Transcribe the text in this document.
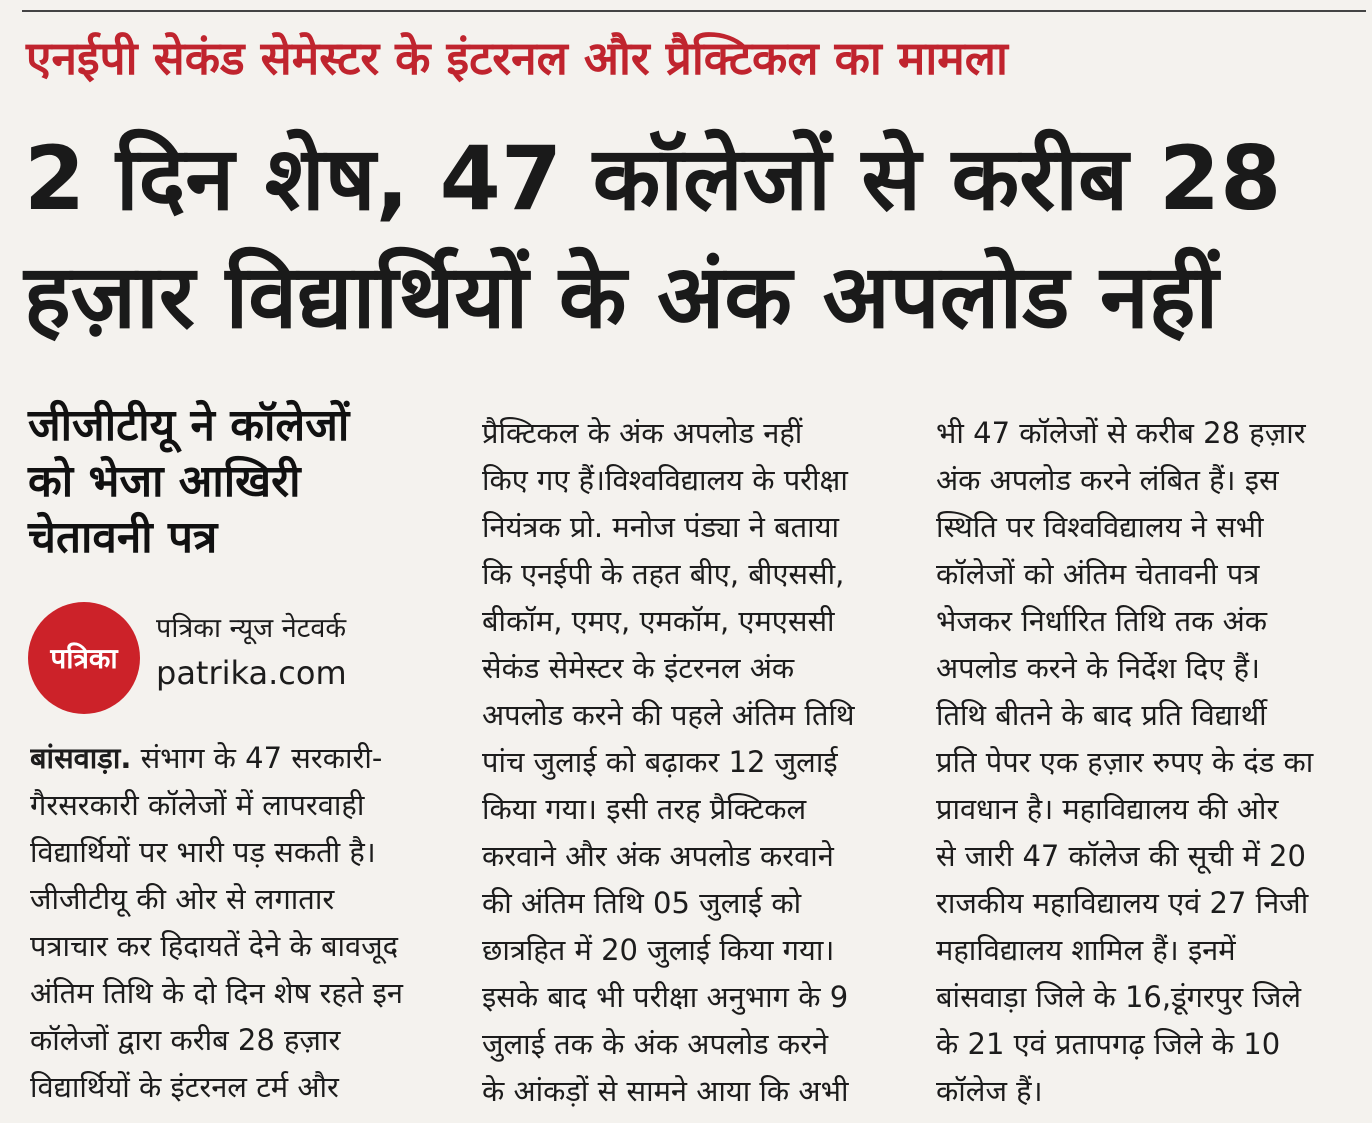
एनईपी सेकंड सेमेस्टर के इंटरनल और प्रैक्टिकल का मामला
2 दिन शेष, 47 कॉलेजों से करीब 28
हज़ार विद्यार्थियों के अंक अपलोड नहीं
जीजीटीयू ने कॉलेजों
को भेजा आखिरी
चेतावनी पत्र
पत्रिका
पत्रिका न्यूज नेटवर्क
patrika.com
बांसवाड़ा. संभाग के 47 सरकारी-
गैरसरकारी कॉलेजों में लापरवाही
विद्यार्थियों पर भारी पड़ सकती है।
जीजीटीयू की ओर से लगातार
पत्राचार कर हिदायतें देने के बावजूद
अंतिम तिथि के दो दिन शेष रहते इन
कॉलेजों द्वारा करीब 28 हज़ार
विद्यार्थियों के इंटरनल टर्म और
प्रैक्टिकल के अंक अपलोड नहीं
किए गए हैं।विश्वविद्यालय के परीक्षा
नियंत्रक प्रो. मनोज पंड्या ने बताया
कि एनईपी के तहत बीए, बीएससी,
बीकॉम, एमए, एमकॉम, एमएससी
सेकंड सेमेस्टर के इंटरनल अंक
अपलोड करने की पहले अंतिम तिथि
पांच जुलाई को बढ़ाकर 12 जुलाई
किया गया। इसी तरह प्रैक्टिकल
करवाने और अंक अपलोड करवाने
की अंतिम तिथि 05 जुलाई को
छात्रहित में 20 जुलाई किया गया।
इसके बाद भी परीक्षा अनुभाग के 9
जुलाई तक के अंक अपलोड करने
के आंकड़ों से सामने आया कि अभी
भी 47 कॉलेजों से करीब 28 हज़ार
अंक अपलोड करने लंबित हैं। इस
स्थिति पर विश्वविद्यालय ने सभी
कॉलेजों को अंतिम चेतावनी पत्र
भेजकर निर्धारित तिथि तक अंक
अपलोड करने के निर्देश दिए हैं।
तिथि बीतने के बाद प्रति विद्यार्थी
प्रति पेपर एक हज़ार रुपए के दंड का
प्रावधान है। महाविद्यालय की ओर
से जारी 47 कॉलेज की सूची में 20
राजकीय महाविद्यालय एवं 27 निजी
महाविद्यालय शामिल हैं। इनमें
बांसवाड़ा जिले के 16,डूंगरपुर जिले
के 21 एवं प्रतापगढ़ जिले के 10
कॉलेज हैं।
